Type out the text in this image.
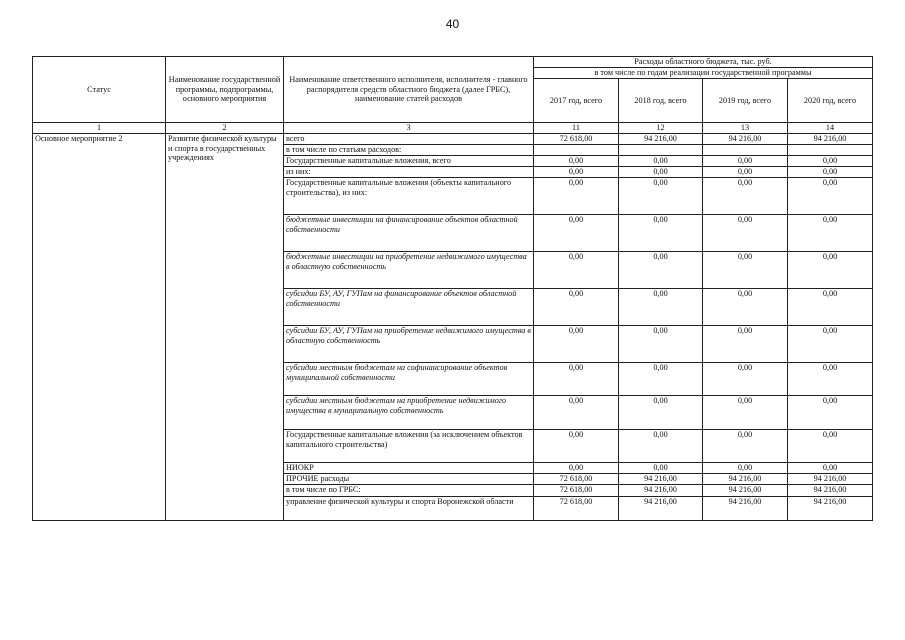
40
Статус	Наименование государственной программы, подпрограммы, основного мероприятия	Наименование ответственного исполнителя, исполнителя - главного распорядителя средств областного бюджета (далее ГРБС), наименование статей расходов	Расходы областного бюджета, тыс. руб.			
			в том числе по годам реализации государственной программы			
			2017 год, всего	2018 год, всего	2019 год, всего	2020 год, всего
1	2	3	11	12	13	14
Основное мероприятие 2	Развитие физической культуры и спорта в государственных учреждениях	всего	72 618,00	94 216,00	94 216,00	94 216,00
		в том числе по статьям расходов:				
		Государственные капитальные вложения, всего	0,00	0,00	0,00	0,00
		из них:	0,00	0,00	0,00	0,00
		Государственные капитальные вложения (объекты капитального строительства), из них:	0,00	0,00	0,00	0,00
		бюджетные инвестиции на финансирование объектов областной собственности	0,00	0,00	0,00	0,00
		бюджетные инвестиции на приобретение недвижимого имущества в областную собственность	0,00	0,00	0,00	0,00
		субсидии БУ, АУ, ГУПам на финансирование объектов областной собственности	0,00	0,00	0,00	0,00
		субсидии БУ, АУ, ГУПам на приобретение недвижимого имущества в областную собственность	0,00	0,00	0,00	0,00
		субсидии местным бюджетам на софинансирование объектов муниципальной собственности	0,00	0,00	0,00	0,00
		субсидии местным бюджетам на приобретение недвижимого имущества в муниципальную собственность	0,00	0,00	0,00	0,00
		Государственные капитальные вложения (за исключением объектов капитального строительства)	0,00	0,00	0,00	0,00
		НИОКР	0,00	0,00	0,00	0,00
		ПРОЧИЕ расходы	72 618,00	94 216,00	94 216,00	94 216,00
		в том числе по ГРБС:	72 618,00	94 216,00	94 216,00	94 216,00
		управление физической культуры и спорта Воронежской области	72 618,00	94 216,00	94 216,00	94 216,00
